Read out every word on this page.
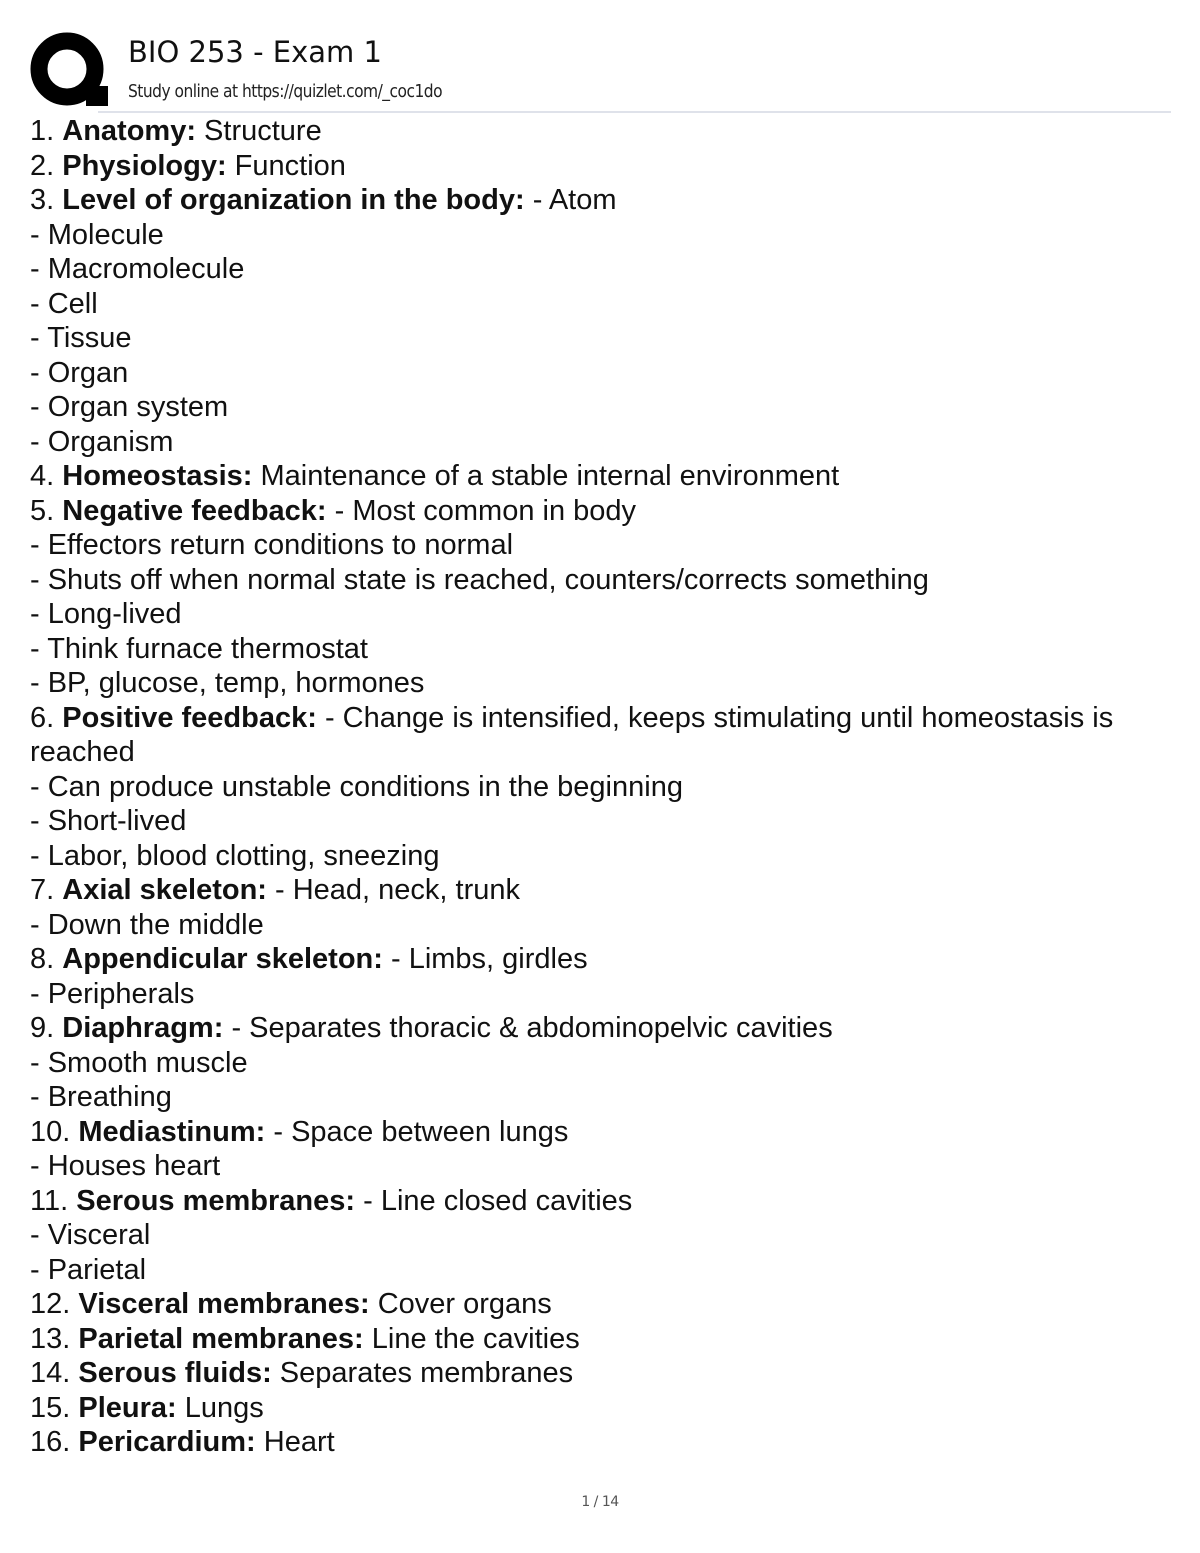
BIO 253 - Exam 1
Study online at https://quizlet.com/_coc1do
1. Anatomy: Structure
2. Physiology: Function
3. Level of organization in the body: - Atom
- Molecule
- Macromolecule
- Cell
- Tissue
- Organ
- Organ system
- Organism
4. Homeostasis: Maintenance of a stable internal environment
5. Negative feedback: - Most common in body
- Effectors return conditions to normal
- Shuts off when normal state is reached, counters/corrects something
- Long-lived
- Think furnace thermostat
- BP, glucose, temp, hormones
6. Positive feedback: - Change is intensified, keeps stimulating until homeostasis is reached
- Can produce unstable conditions in the beginning
- Short-lived
- Labor, blood clotting, sneezing
7. Axial skeleton: - Head, neck, trunk
- Down the middle
8. Appendicular skeleton: - Limbs, girdles
- Peripherals
9. Diaphragm: - Separates thoracic & abdominopelvic cavities
- Smooth muscle
- Breathing
10. Mediastinum: - Space between lungs
- Houses heart
11. Serous membranes: - Line closed cavities
- Visceral
- Parietal
12. Visceral membranes: Cover organs
13. Parietal membranes: Line the cavities
14. Serous fluids: Separates membranes
15. Pleura: Lungs
16. Pericardium: Heart
1 / 14
